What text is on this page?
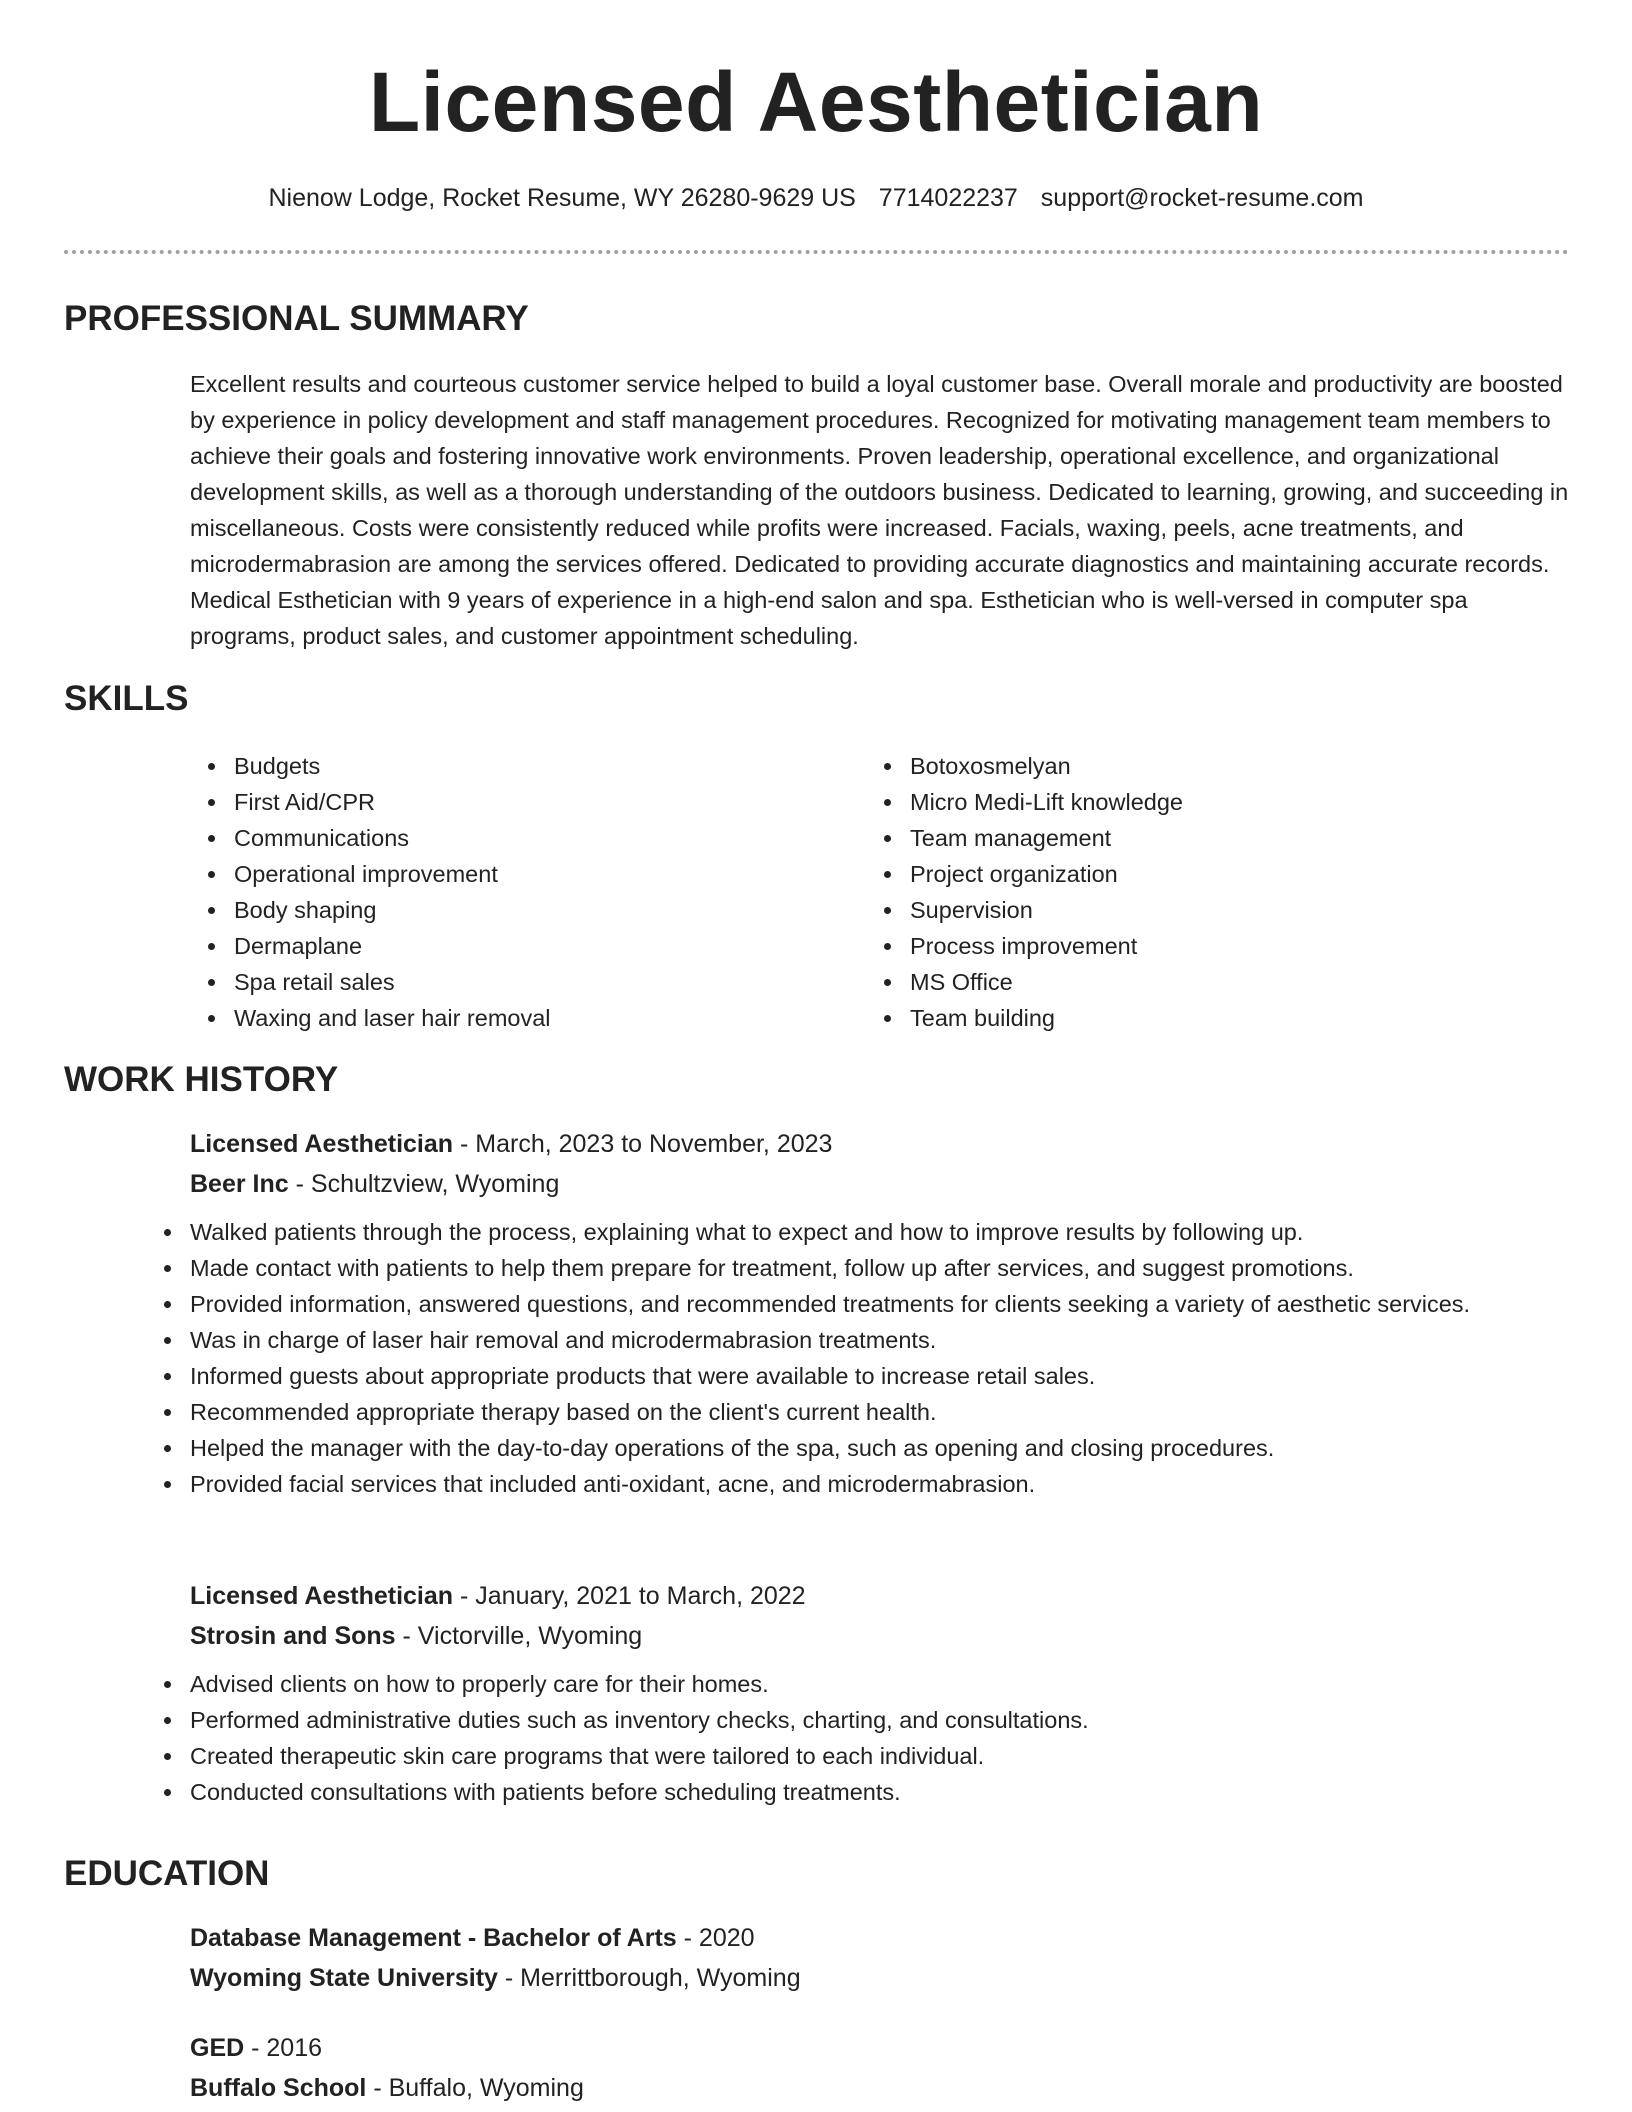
Licensed Aesthetician
Nienow Lodge, Rocket Resume, WY 26280-9629 US 7714022237 support@rocket-resume.com
PROFESSIONAL SUMMARY
Excellent results and courteous customer service helped to build a loyal customer base. Overall morale and productivity are boosted by experience in policy development and staff management procedures. Recognized for motivating management team members to achieve their goals and fostering innovative work environments. Proven leadership, operational excellence, and organizational development skills, as well as a thorough understanding of the outdoors business. Dedicated to learning, growing, and succeeding in miscellaneous. Costs were consistently reduced while profits were increased. Facials, waxing, peels, acne treatments, and microdermabrasion are among the services offered. Dedicated to providing accurate diagnostics and maintaining accurate records. Medical Esthetician with 9 years of experience in a high-end salon and spa. Esthetician who is well-versed in computer spa programs, product sales, and customer appointment scheduling.
SKILLS
Budgets
First Aid/CPR
Communications
Operational improvement
Body shaping
Dermaplane
Spa retail sales
Waxing and laser hair removal
Botoxosmelyan
Micro Medi-Lift knowledge
Team management
Project organization
Supervision
Process improvement
MS Office
Team building
WORK HISTORY
Licensed Aesthetician - March, 2023 to November, 2023
Beer Inc - Schultzview, Wyoming
Walked patients through the process, explaining what to expect and how to improve results by following up.
Made contact with patients to help them prepare for treatment, follow up after services, and suggest promotions.
Provided information, answered questions, and recommended treatments for clients seeking a variety of aesthetic services.
Was in charge of laser hair removal and microdermabrasion treatments.
Informed guests about appropriate products that were available to increase retail sales.
Recommended appropriate therapy based on the client's current health.
Helped the manager with the day-to-day operations of the spa, such as opening and closing procedures.
Provided facial services that included anti-oxidant, acne, and microdermabrasion.
Licensed Aesthetician - January, 2021 to March, 2022
Strosin and Sons - Victorville, Wyoming
Advised clients on how to properly care for their homes.
Performed administrative duties such as inventory checks, charting, and consultations.
Created therapeutic skin care programs that were tailored to each individual.
Conducted consultations with patients before scheduling treatments.
EDUCATION
Database Management - Bachelor of Arts - 2020
Wyoming State University - Merrittborough, Wyoming
GED - 2016
Buffalo School - Buffalo, Wyoming
